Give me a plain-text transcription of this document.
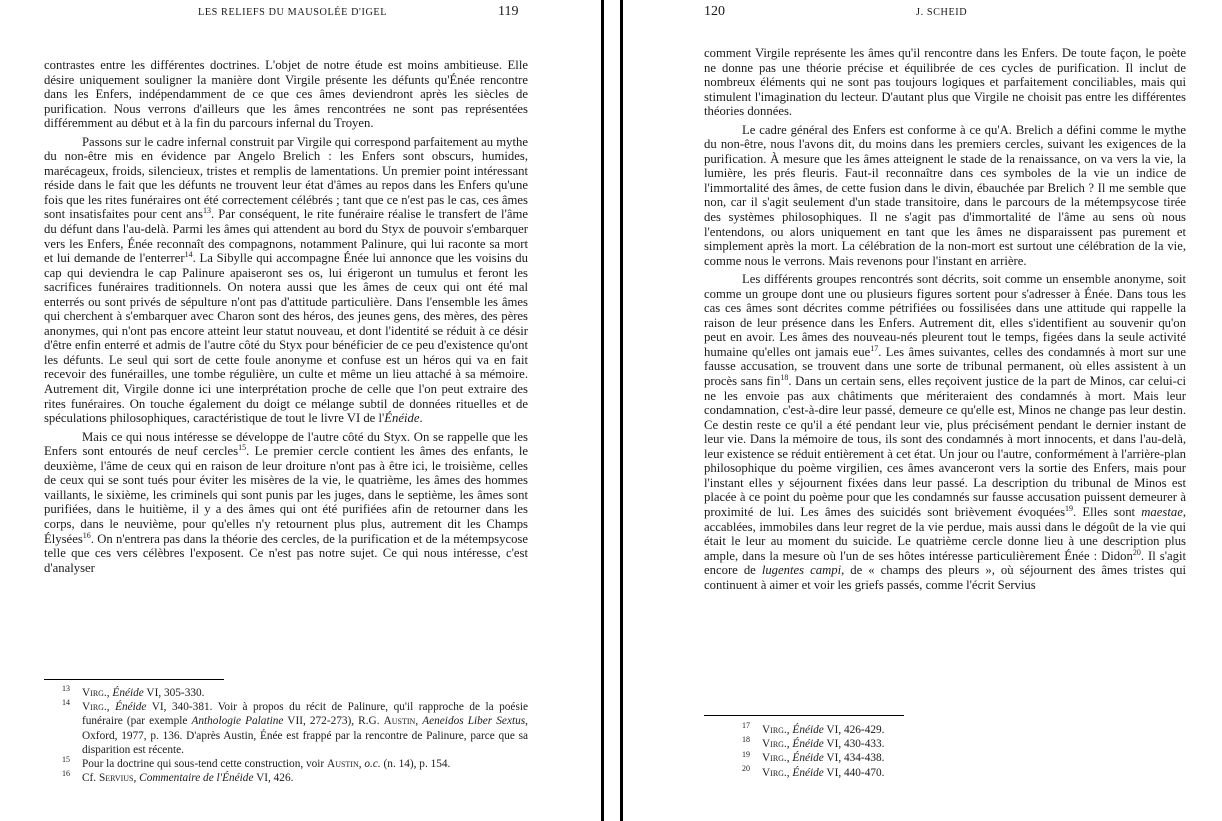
LES RELIEFS DU MAUSOLÉE D'IGEL	119

contrastes entre les différentes doctrines. L'objet de notre étude est moins ambitieuse. Elle désire uniquement souligner la manière dont Virgile présente les défunts qu'Énée rencontre dans les Enfers, indépendamment de ce que ces âmes deviendront après les siècles de purification. Nous verrons d'ailleurs que les âmes rencontrées ne sont pas représentées différemment au début et à la fin du parcours infernal du Troyen.

Passons sur le cadre infernal construit par Virgile qui correspond parfaitement au mythe du non-être mis en évidence par Angelo Brelich : les Enfers sont obscurs, humides, marécageux, froids, silencieux, tristes et remplis de lamentations. Un premier point intéressant réside dans le fait que les défunts ne trouvent leur état d'âmes au repos dans les Enfers qu'une fois que les rites funéraires ont été correctement célébrés ; tant que ce n'est pas le cas, ces âmes sont insatisfaites pour cent ans$^{13}$. Par conséquent, le rite funéraire réalise le transfert de l'âme du défunt dans l'au-delà. Parmi les âmes qui attendent au bord du Styx de pouvoir s'embarquer vers les Enfers, Énée reconnaît des compagnons, notamment Palinure, qui lui raconte sa mort et lui demande de l'enterrer$^{14}$. La Sibylle qui accompagne Énée lui annonce que les voisins du cap qui deviendra le cap Palinure apaiseront ses os, lui érigeront un tumulus et feront les sacrifices funéraires traditionnels. On notera aussi que les âmes de ceux qui ont été mal enterrés ou sont privés de sépulture n'ont pas d'attitude particulière. Dans l'ensemble les âmes qui cherchent à s'embarquer avec Charon sont des héros, des jeunes gens, des mères, des pères anonymes, qui n'ont pas encore atteint leur statut nouveau, et dont l'identité se réduit à ce désir d'être enfin enterré et admis de l'autre côté du Styx pour bénéficier de ce peu d'existence qu'ont les défunts. Le seul qui sort de cette foule anonyme et confuse est un héros qui va en fait recevoir des funérailles, une tombe régulière, un culte et même un lieu attaché à sa mémoire. Autrement dit, Virgile donne ici une interprétation proche de celle que l'on peut extraire des rites funéraires. On touche également du doigt ce mélange subtil de données rituelles et de spéculations philosophiques, caractéristique de tout le livre VI de l'Énéide.

Mais ce qui nous intéresse se développe de l'autre côté du Styx. On se rappelle que les Enfers sont entourés de neuf cercles$^{15}$. Le premier cercle contient les âmes des enfants, le deuxième, l'âme de ceux qui en raison de leur droiture n'ont pas à être ici, le troisième, celles de ceux qui se sont tués pour éviter les misères de la vie, le quatrième, les âmes des hommes vaillants, le sixième, les criminels qui sont punis par les juges, dans le septième, les âmes sont purifiées, dans le huitième, il y a des âmes qui ont été purifiées afin de retourner dans les corps, dans le neuvième, pour qu'elles n'y retournent plus plus, autrement dit les Champs Élysées$^{16}$. On n'entrera pas dans la théorie des cercles, de la purification et de la métempsycose telle que ces vers célèbres l'exposent. Ce n'est pas notre sujet. Ce qui nous intéresse, c'est d'analyser

13 Virg., Énéide VI, 305-330.

14 Virg., Énéide VI, 340-381. Voir à propos du récit de Palinure, qu'il rapproche de la poésie funéraire (par exemple Anthologie Palatine VII, 272-273), R.G. Austin, Aeneidos Liber Sextus, Oxford, 1977, p. 136. D'après Austin, Énée est frappé par la rencontre de Palinure, parce que sa disparition est récente.

15 Pour la doctrine qui sous-tend cette construction, voir Austin, o.c. (n. 14), p. 154.

16 Cf. Servius, Commentaire de l'Énéide VI, 426.

120	J. SCHEID

comment Virgile représente les âmes qu'il rencontre dans les Enfers. De toute façon, le poète ne donne pas une théorie précise et équilibrée de ces cycles de purification. Il inclut de nombreux éléments qui ne sont pas toujours logiques et parfaitement conciliables, mais qui stimulent l'imagination du lecteur. D'autant plus que Virgile ne choisit pas entre les différentes théories données.

Le cadre général des Enfers est conforme à ce qu'A. Brelich a défini comme le mythe du non-être, nous l'avons dit, du moins dans les premiers cercles, suivant les exigences de la purification. À mesure que les âmes atteignent le stade de la renaissance, on va vers la vie, la lumière, les prés fleuris. Faut-il reconnaître dans ces symboles de la vie un indice de l'immortalité des âmes, de cette fusion dans le divin, ébauchée par Brelich ? Il me semble que non, car il s'agit seulement d'un stade transitoire, dans le parcours de la métempsycose tirée des systèmes philosophiques. Il ne s'agit pas d'immortalité de l'âme au sens où nous l'entendons, ou alors uniquement en tant que les âmes ne disparaissent pas purement et simplement après la mort. La célébration de la non-mort est surtout une célébration de la vie, comme nous le verrons. Mais revenons pour l'instant en arrière.

Les différents groupes rencontrés sont décrits, soit comme un ensemble anonyme, soit comme un groupe dont une ou plusieurs figures sortent pour s'adresser à Énée. Dans tous les cas ces âmes sont décrites comme pétrifiées ou fossilisées dans une attitude qui rappelle la raison de leur présence dans les Enfers. Autrement dit, elles s'identifient au souvenir qu'on peut en avoir. Les âmes des nouveau-nés pleurent tout le temps, figées dans la seule activité humaine qu'elles ont jamais eue$^{17}$. Les âmes suivantes, celles des condamnés à mort sur une fausse accusation, se trouvent dans une sorte de tribunal permanent, où elles assistent à un procès sans fin$^{18}$. Dans un certain sens, elles reçoivent justice de la part de Minos, car celui-ci ne les envoie pas aux châtiments que mériteraient des condamnés à mort. Mais leur condamnation, c'est-à-dire leur passé, demeure ce qu'elle est, Minos ne change pas leur destin. Ce destin reste ce qu'il a été pendant leur vie, plus précisément pendant le dernier instant de leur vie. Dans la mémoire de tous, ils sont des condamnés à mort innocents, et dans l'au-delà, leur existence se réduit entièrement à cet état. Un jour ou l'autre, conformément à l'arrière-plan philosophique du poème virgilien, ces âmes avanceront vers la sortie des Enfers, mais pour l'instant elles y séjournent fixées dans leur passé. La description du tribunal de Minos est placée à ce point du poème pour que les condamnés sur fausse accusation puissent demeurer à proximité de lui. Les âmes des suicidés sont brièvement évoquées$^{19}$. Elles sont maestae, accablées, immobiles dans leur regret de la vie perdue, mais aussi dans le dégoût de la vie qui était le leur au moment du suicide. Le quatrième cercle donne lieu à une description plus ample, dans la mesure où l'un de ses hôtes intéresse particulièrement Énée : Didon$^{20}$. Il s'agit encore de lugentes campi, de « champs des pleurs », où séjournent des âmes tristes qui continuent à aimer et voir les griefs passés, comme l'écrit Servius

17 Virg., Énéide VI, 426-429.

18 Virg., Énéide VI, 430-433.

19 Virg., Énéide VI, 434-438.

20 Virg., Énéide VI, 440-470.
